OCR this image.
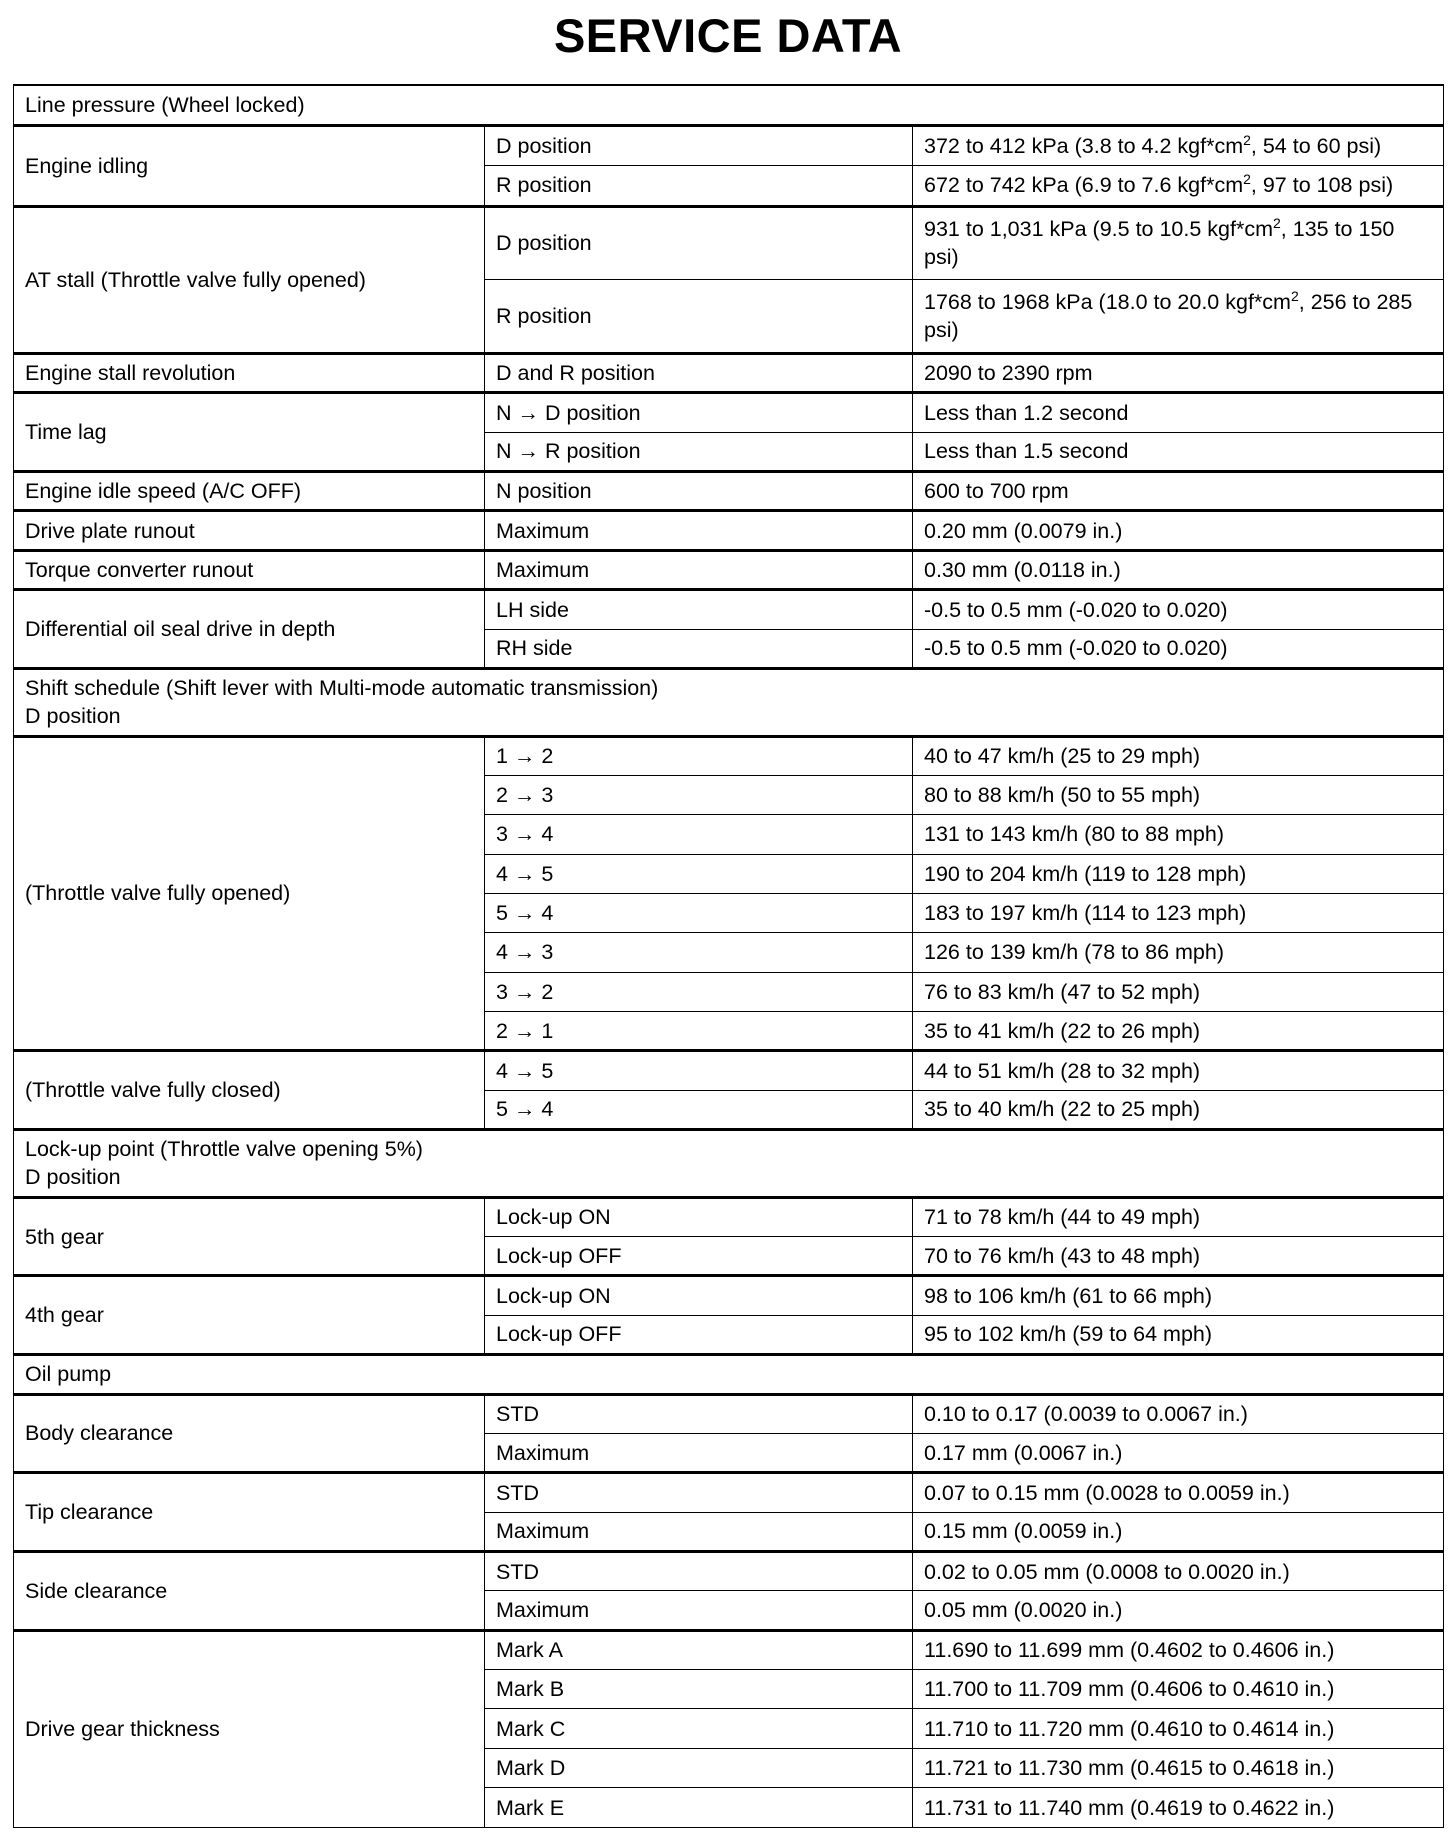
SERVICE DATA
Line pressure (Wheel locked)		
Engine idling	D position	372 to 412 kPa (3.8 to 4.2 $kgf*cm^2$, 54 to 60 psi)
	R position	672 to 742 kPa (6.9 to 7.6 $kgf*cm^2$, 97 to 108 psi)
AT stall (Throttle valve fully opened)	D position	931 to 1,031 kPa (9.5 to 10.5 $kgf*cm^2$, 135 to 150 psi)
	R position	1768 to 1968 kPa (18.0 to 20.0 $kgf*cm^2$, 256 to 285 psi)
Engine stall revolution	D and R position	2090 to 2390 rpm
Time lag	N → D position	Less than 1.2 second
	N → R position	Less than 1.5 second
Engine idle speed (A/C OFF)	N position	600 to 700 rpm
Drive plate runout	Maximum	0.20 mm (0.0079 in.)
Torque converter runout	Maximum	0.30 mm (0.0118 in.)
Differential oil seal drive in depth	LH side	-0.5 to 0.5 mm (-0.020 to 0.020)
	RH side	-0.5 to 0.5 mm (-0.020 to 0.020)

Shift schedule (Shift lever with Multi-mode automatic transmission)
D position		

(Throttle valve fully opened)	1 → 2	40 to 47 km/h (25 to 29 mph)
	2 → 3	80 to 88 km/h (50 to 55 mph)
	3 → 4	131 to 143 km/h (80 to 88 mph)
	4 → 5	190 to 204 km/h (119 to 128 mph)
	5 → 4	183 to 197 km/h (114 to 123 mph)
	4 → 3	126 to 139 km/h (78 to 86 mph)
	3 → 2	76 to 83 km/h (47 to 52 mph)
	2 → 1	35 to 41 km/h (22 to 26 mph)
(Throttle valve fully closed)	4 → 5	44 to 51 km/h (28 to 32 mph)
	5 → 4	35 to 40 km/h (22 to 25 mph)

Lock-up point (Throttle valve opening 5%)
D position		

5th gear	Lock-up ON	71 to 78 km/h (44 to 49 mph)
	Lock-up OFF	70 to 76 km/h (43 to 48 mph)
4th gear	Lock-up ON	98 to 106 km/h (61 to 66 mph)
	Lock-up OFF	95 to 102 km/h (59 to 64 mph)
Oil pump		
Body clearance	STD	0.10 to 0.17 (0.0039 to 0.0067 in.)
	Maximum	0.17 mm (0.0067 in.)
Tip clearance	STD	0.07 to 0.15 mm (0.0028 to 0.0059 in.)
	Maximum	0.15 mm (0.0059 in.)
Side clearance	STD	0.02 to 0.05 mm (0.0008 to 0.0020 in.)
	Maximum	0.05 mm (0.0020 in.)
Drive gear thickness	Mark A	11.690 to 11.699 mm (0.4602 to 0.4606 in.)
	Mark B	11.700 to 11.709 mm (0.4606 to 0.4610 in.)
	Mark C	11.710 to 11.720 mm (0.4610 to 0.4614 in.)
	Mark D	11.721 to 11.730 mm (0.4615 to 0.4618 in.)
	Mark E	11.731 to 11.740 mm (0.4619 to 0.4622 in.)
